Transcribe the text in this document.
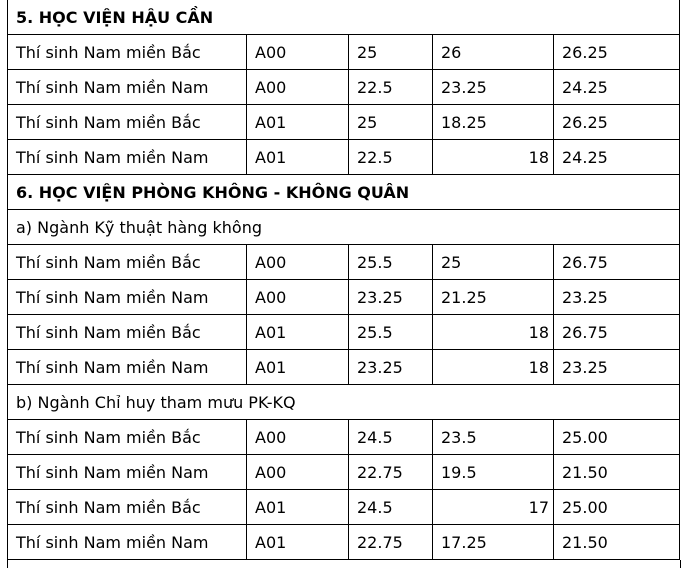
5. HỌC VIỆN HẬU CẦN				
Thí sinh Nam miền Bắc	A00	25	26	26.25
Thí sinh Nam miền Nam	A00	22.5	23.25	24.25
Thí sinh Nam miền Bắc	A01	25	18.25	26.25
Thí sinh Nam miền Nam	A01	22.5	18	24.25
6. HỌC VIỆN PHÒNG KHÔNG - KHÔNG QUÂN				
a) Ngành Kỹ thuật hàng không				
Thí sinh Nam miền Bắc	A00	25.5	25	26.75
Thí sinh Nam miền Nam	A00	23.25	21.25	23.25
Thí sinh Nam miền Bắc	A01	25.5	18	26.75
Thí sinh Nam miền Nam	A01	23.25	18	23.25
b) Ngành Chỉ huy tham mưu PK-KQ				
Thí sinh Nam miền Bắc	A00	24.5	23.5	25.00
Thí sinh Nam miền Nam	A00	22.75	19.5	21.50
Thí sinh Nam miền Bắc	A01	24.5	17	25.00
Thí sinh Nam miền Nam	A01	22.75	17.25	21.50
